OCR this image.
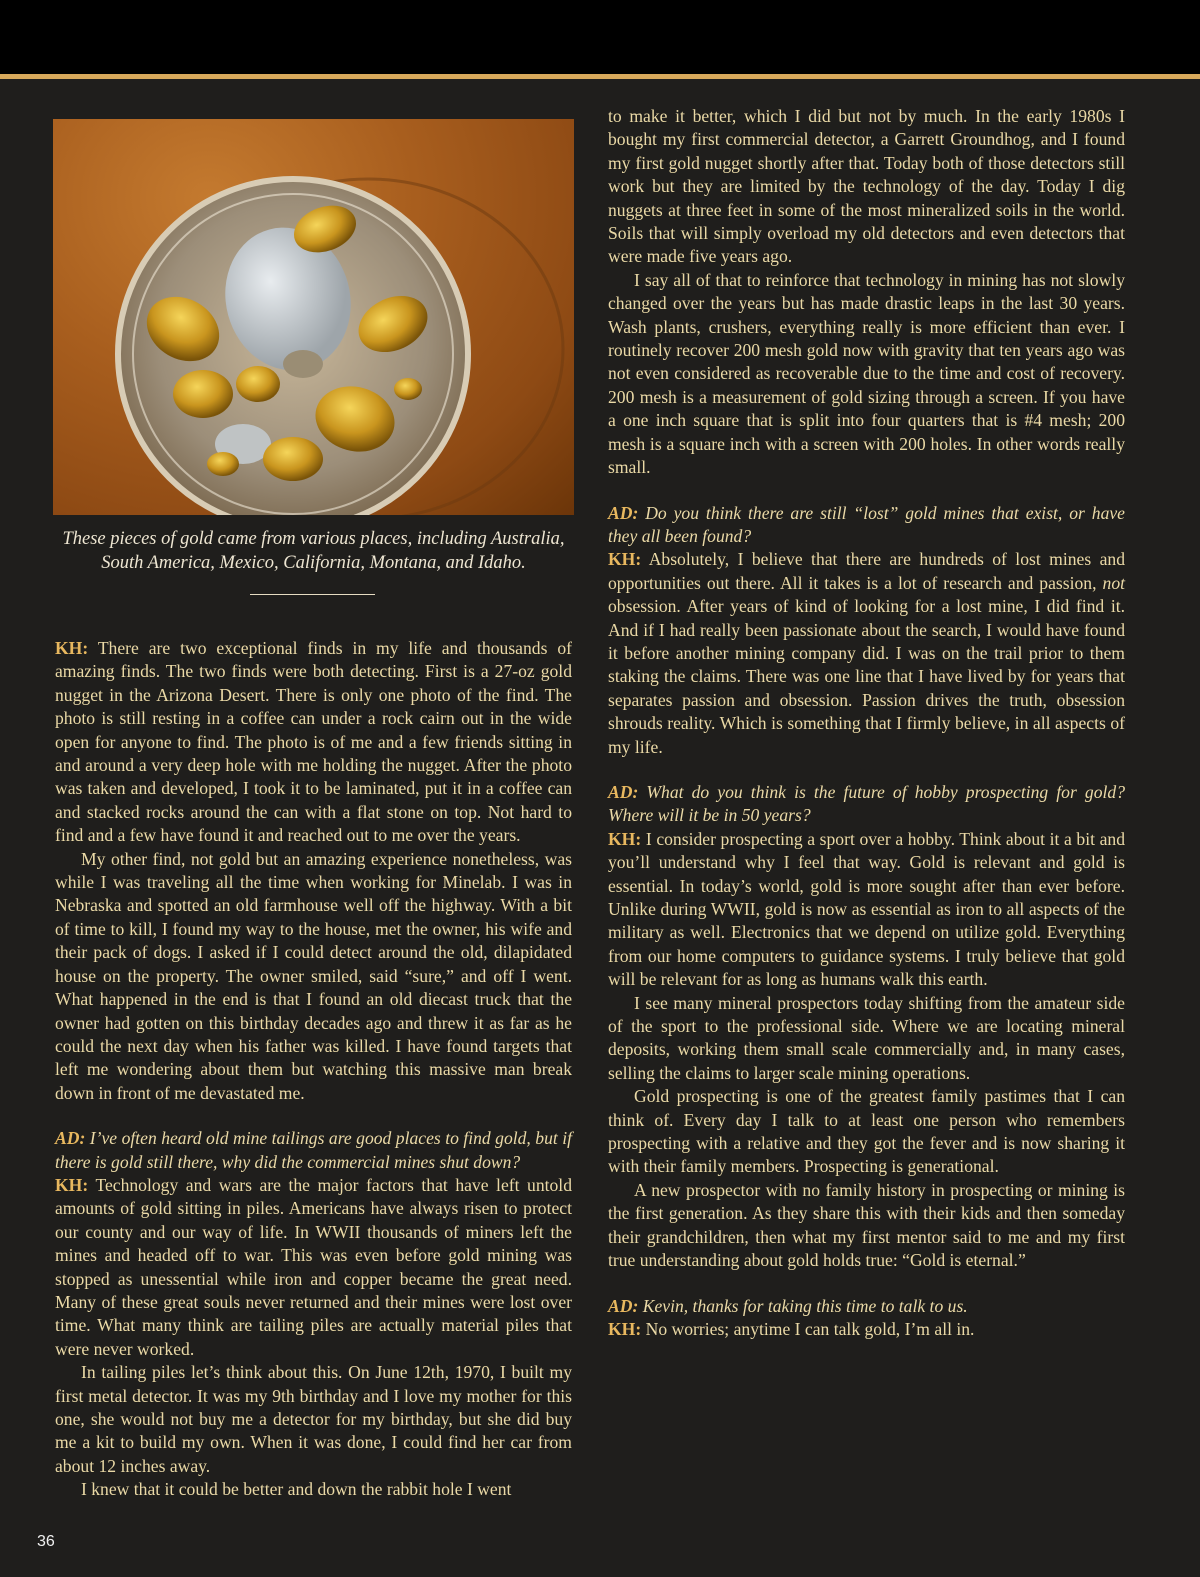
These pieces of gold came from various places, including Australia, South America, Mexico, California, Montana, and Idaho.

KH: There are two exceptional finds in my life and thousands of amazing finds. The two finds were both detecting. First is a 27-oz gold nugget in the Arizona Desert. There is only one photo of the find. The photo is still resting in a coffee can under a rock cairn out in the wide open for anyone to find. The photo is of me and a few friends sitting in and around a very deep hole with me holding the nugget. After the photo was taken and developed, I took it to be laminated, put it in a coffee can and stacked rocks around the can with a flat stone on top. Not hard to find and a few have found it and reached out to me over the years.

My other find, not gold but an amazing experience nonetheless, was while I was traveling all the time when working for Minelab. I was in Nebraska and spotted an old farmhouse well off the highway. With a bit of time to kill, I found my way to the house, met the owner, his wife and their pack of dogs. I asked if I could detect around the old, dilapidated house on the property. The owner smiled, said “sure,” and off I went. What happened in the end is that I found an old diecast truck that the owner had gotten on this birthday decades ago and threw it as far as he could the next day when his father was killed. I have found targets that left me wondering about them but watching this massive man break down in front of me devastated me.

AD: I’ve often heard old mine tailings are good places to find gold, but if there is gold still there, why did the commercial mines shut down?

KH: Technology and wars are the major factors that have left untold amounts of gold sitting in piles. Americans have always risen to protect our county and our way of life. In WWII thousands of miners left the mines and headed off to war. This was even before gold mining was stopped as unessential while iron and copper became the great need. Many of these great souls never returned and their mines were lost over time. What many think are tailing piles are actually material piles that were never worked.

In tailing piles let’s think about this. On June 12th, 1970, I built my first metal detector. It was my 9th birthday and I love my mother for this one, she would not buy me a detector for my birthday, but she did buy me a kit to build my own. When it was done, I could find her car from about 12 inches away.

I knew that it could be better and down the rabbit hole I went

to make it better, which I did but not by much. In the early 1980s I bought my first commercial detector, a Garrett Groundhog, and I found my first gold nugget shortly after that. Today both of those detectors still work but they are limited by the technology of the day. Today I dig nuggets at three feet in some of the most mineralized soils in the world. Soils that will simply overload my old detectors and even detectors that were made five years ago.

I say all of that to reinforce that technology in mining has not slowly changed over the years but has made drastic leaps in the last 30 years. Wash plants, crushers, everything really is more efficient than ever. I routinely recover 200 mesh gold now with gravity that ten years ago was not even considered as recoverable due to the time and cost of recovery. 200 mesh is a measurement of gold sizing through a screen. If you have a one inch square that is split into four quarters that is #4 mesh; 200 mesh is a square inch with a screen with 200 holes. In other words really small.

AD: Do you think there are still “lost” gold mines that exist, or have they all been found?

KH: Absolutely, I believe that there are hundreds of lost mines and opportunities out there. All it takes is a lot of research and passion, not obsession. After years of kind of looking for a lost mine, I did find it. And if I had really been passionate about the search, I would have found it before another mining company did. I was on the trail prior to them staking the claims. There was one line that I have lived by for years that separates passion and obsession. Passion drives the truth, obsession shrouds reality. Which is something that I firmly believe, in all aspects of my life.

AD: What do you think is the future of hobby prospecting for gold? Where will it be in 50 years?

KH: I consider prospecting a sport over a hobby. Think about it a bit and you’ll understand why I feel that way. Gold is relevant and gold is essential. In today’s world, gold is more sought after than ever before. Unlike during WWII, gold is now as essential as iron to all aspects of the military as well. Electronics that we depend on utilize gold. Everything from our home computers to guidance systems. I truly believe that gold will be relevant for as long as humans walk this earth.

I see many mineral prospectors today shifting from the amateur side of the sport to the professional side. Where we are locating mineral deposits, working them small scale commercially and, in many cases, selling the claims to larger scale mining operations.

Gold prospecting is one of the greatest family pastimes that I can think of. Every day I talk to at least one person who remembers prospecting with a relative and they got the fever and is now sharing it with their family members. Prospecting is generational.

A new prospector with no family history in prospecting or mining is the first generation. As they share this with their kids and then someday their grandchildren, then what my first mentor said to me and my first true understanding about gold holds true: “Gold is eternal.”

AD: Kevin, thanks for taking this time to talk to us.

KH: No worries; anytime I can talk gold, I’m all in.

36
